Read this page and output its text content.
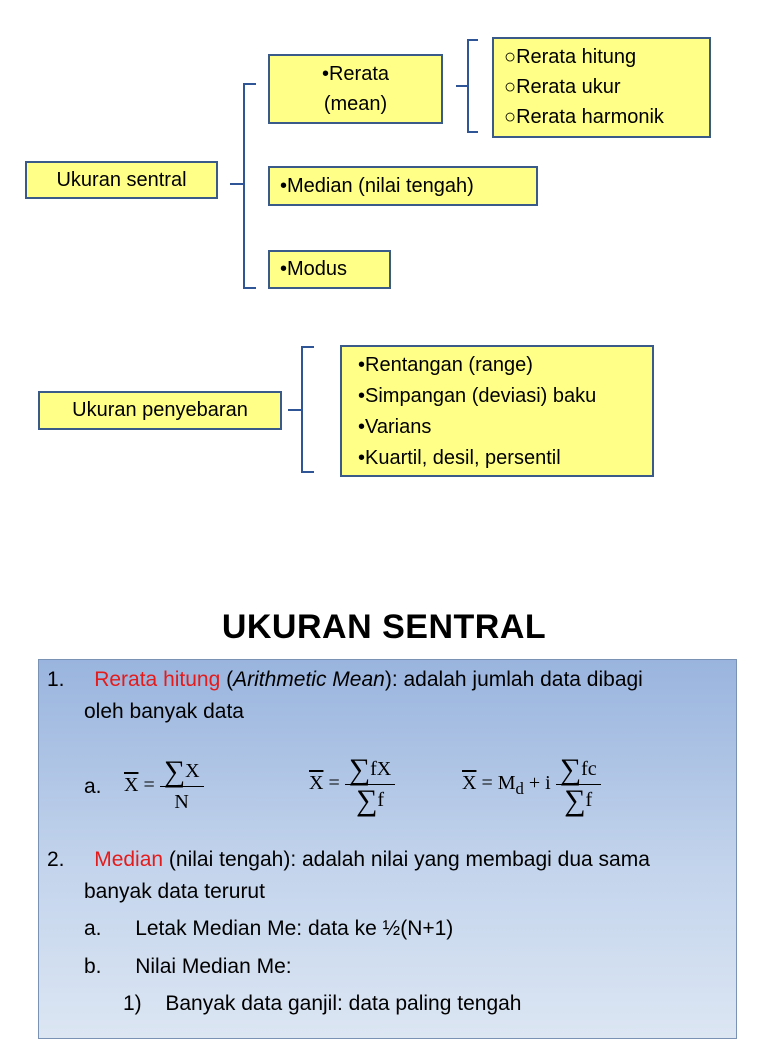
Ukuran sentral
•Rerata
(mean)
○Rerata hitung
○Rerata ukur
○Rerata harmonik
•Median (nilai tengah)
•Modus
Ukuran penyebaran
•Rentangan (range)
•Simpangan (deviasi) baku
•Varians
•Kuartil, desil, persentil
UKURAN SENTRAL
1. Rerata hitung (Arithmetic Mean): adalah jumlah data dibagi
oleh banyak data
a. $\overline{X} = \frac{\sum X}{N}$	$\overline{X} = \frac{\sum fX}{\sum f}$	$\overline{X} = M_d + i \frac{\sum fc}{\sum f}$
2. Median (nilai tengah): adalah nilai yang membagi dua sama
banyak data terurut
a. Letak Median Me: data ke ½(N+1)
b. Nilai Median Me:
1) Banyak data ganjil: data paling tengah
